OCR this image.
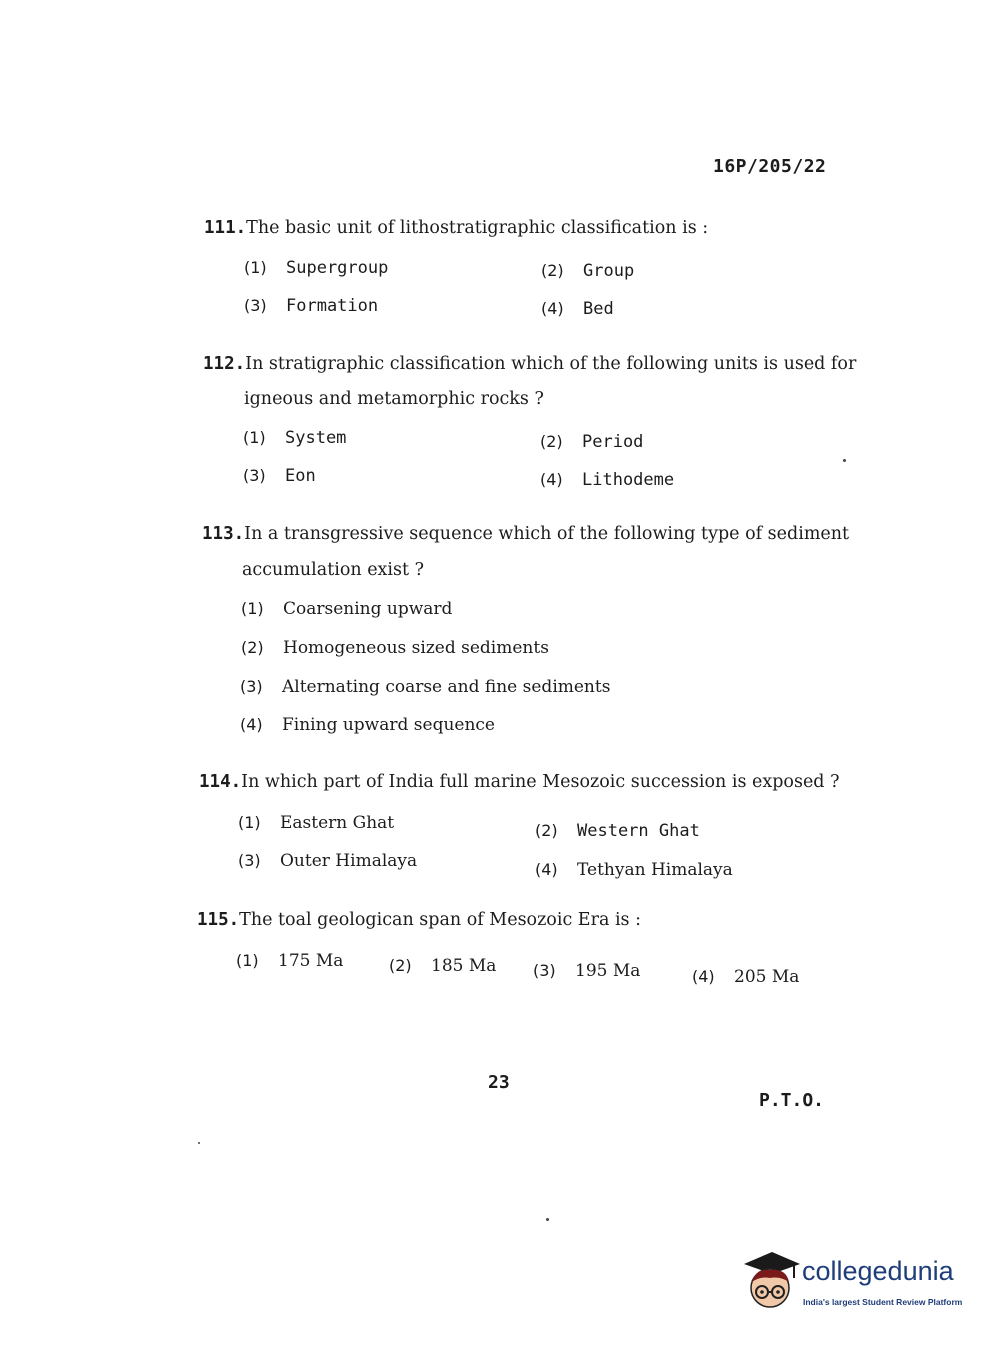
16P/205/22
111.The basic unit of lithostratigraphic classification is :
(1) Supergroup	(2) Group
(3) Formation	(4) Bed
112.In stratigraphic classification which of the following units is used for
igneous and metamorphic rocks ?
(1) System	(2) Period
(3) Eon	(4) Lithodeme
113.In a transgressive sequence which of the following type of sediment
accumulation exist ?
(1) Coarsening upward
(2) Homogeneous sized sediments
(3) Alternating coarse and fine sediments
(4) Fining upward sequence
114.In which part of India full marine Mesozoic succession is exposed ?
(1) Eastern Ghat	(2) Western Ghat
(3) Outer Himalaya	(4) Tethyan Himalaya
115.The toal geologican span of Mesozoic Era is :
(1) 175 Ma	(2) 185 Ma (3) 195 Ma	(4) 205 Ma
23
P.T.O.
collegedunia
India's largest Student Review Platform
